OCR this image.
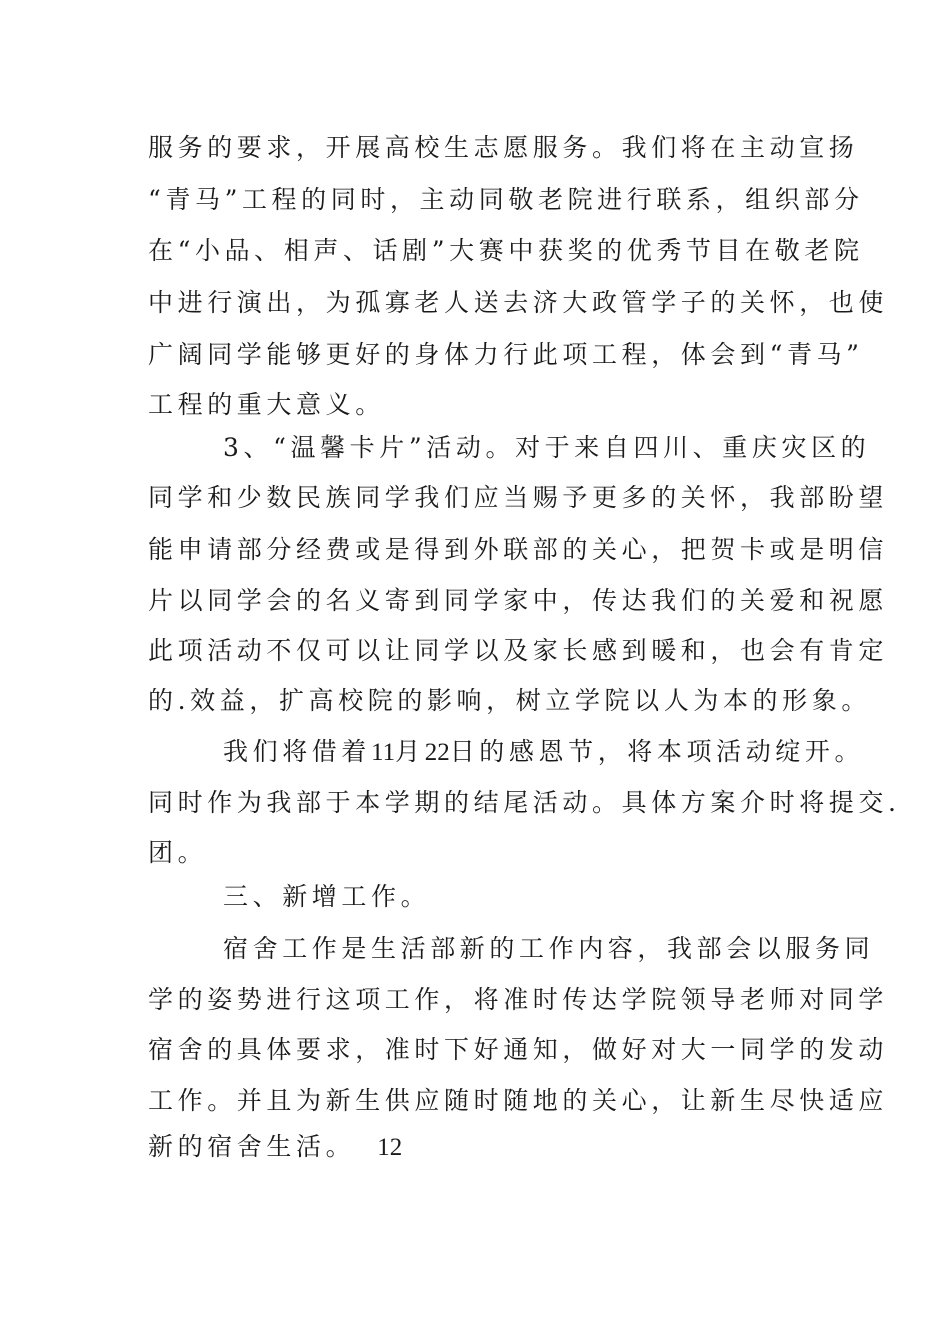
服务的要求，开展高校生志愿服务。我们将在主动宣扬
“青马”工程的同时，主动同敬老院进行联系，组织部分
在“小品、相声、话剧”大赛中获奖的优秀节目在敬老院
中进行演出，为孤寡老人送去济大政管学子的关怀，也使
广阔同学能够更好的身体力行此项工程，体会到“青马”
工程的重大意义。
3、“温馨卡片”活动。对于来自四川、重庆灾区的
同学和少数民族同学我们应当赐予更多的关怀，我部盼望
能申请部分经费或是得到外联部的关心，把贺卡或是明信
片以同学会的名义寄到同学家中，传达我们的关爱和祝愿
此项活动不仅可以让同学以及家长感到暖和，也会有肯定
的.效益，扩高校院的影响，树立学院以人为本的形象。
我们将借着11月22日的感恩节，将本项活动绽开。
同时作为我部于本学期的结尾活动。具体方案介时将提交.
团。
三、新增工作。
宿舍工作是生活部新的工作内容，我部会以服务同
学的姿势进行这项工作，将准时传达学院领导老师对同学
宿舍的具体要求，准时下好通知，做好对大一同学的发动
工作。并且为新生供应随时随地的关心，让新生尽快适应
新的宿舍生活。 12
